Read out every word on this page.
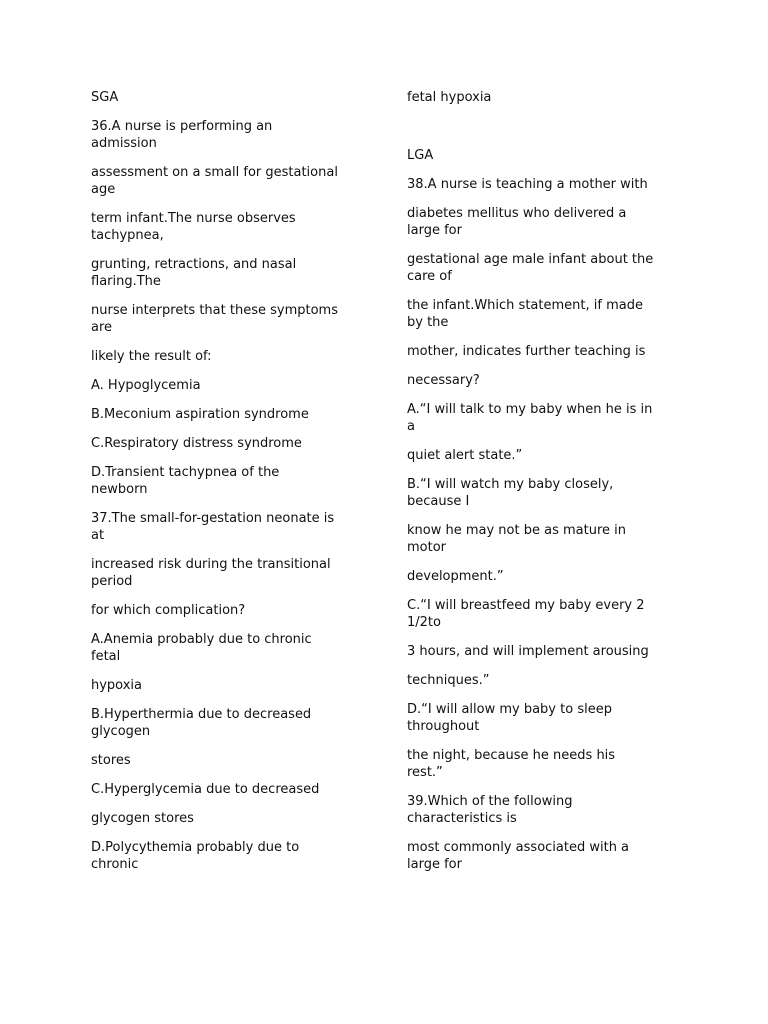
SGA
36.A nurse is performing an
admission
assessment on a small for gestational
age
term infant.The nurse observes
tachypnea,
grunting, retractions, and nasal
flaring.The
nurse interprets that these symptoms
are
likely the result of:
A. Hypoglycemia
B.Meconium aspiration syndrome
C.Respiratory distress syndrome
D.Transient tachypnea of the
newborn
37.The small-for-gestation neonate is
at
increased risk during the transitional
period
for which complication?
A.Anemia probably due to chronic
fetal
hypoxia
B.Hyperthermia due to decreased
glycogen
stores
C.Hyperglycemia due to decreased
glycogen stores
D.Polycythemia probably due to
chronic
fetal hypoxia
LGA
38.A nurse is teaching a mother with
diabetes mellitus who delivered a
large for
gestational age male infant about the
care of
the infant.Which statement, if made
by the
mother, indicates further teaching is
necessary?
A.“I will talk to my baby when he is in
a
quiet alert state.”
B.“I will watch my baby closely,
because I
know he may not be as mature in
motor
development.”
C.“I will breastfeed my baby every 2
1/2to
3 hours, and will implement arousing
techniques.”
D.“I will allow my baby to sleep
throughout
the night, because he needs his
rest.”
39.Which of the following
characteristics is
most commonly associated with a
large for
